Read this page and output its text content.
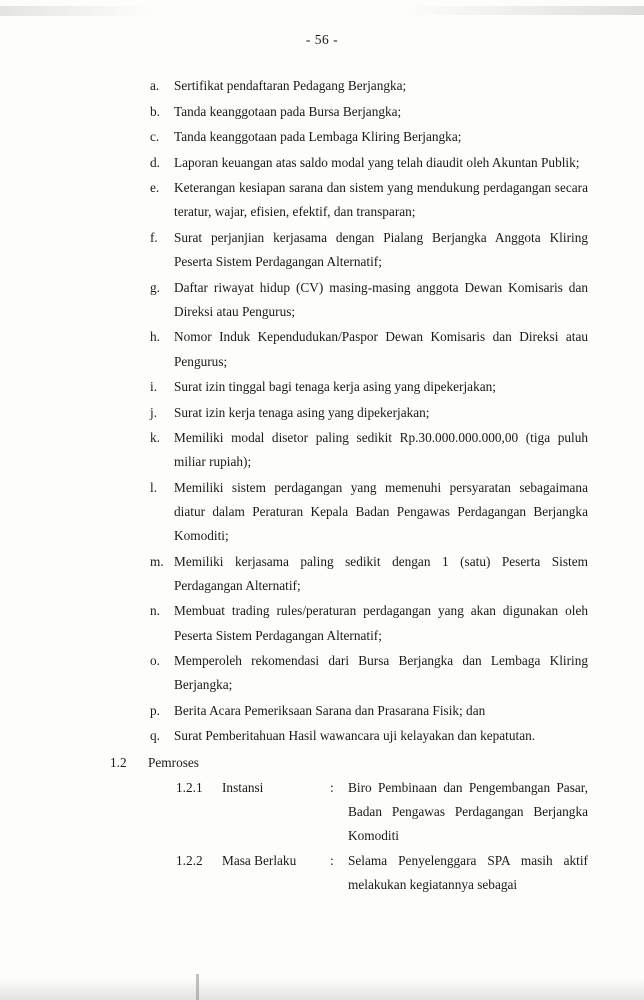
- 56 -
a.	Sertifikat pendaftaran Pedagang Berjangka;
b.	Tanda keanggotaan pada Bursa Berjangka;
c.	Tanda keanggotaan pada Lembaga Kliring Berjangka;
d.	Laporan keuangan atas saldo modal yang telah diaudit oleh Akuntan Publik;
e.	Keterangan kesiapan sarana dan sistem yang mendukung perdagangan secara teratur, wajar, efisien, efektif, dan transparan;
f.	Surat perjanjian kerjasama dengan Pialang Berjangka Anggota Kliring Peserta Sistem Perdagangan Alternatif;
g.	Daftar riwayat hidup (CV) masing-masing anggota Dewan Komisaris dan Direksi atau Pengurus;
h.	Nomor Induk Kependudukan/Paspor Dewan Komisaris dan Direksi atau Pengurus;
i.	Surat izin tinggal bagi tenaga kerja asing yang dipekerjakan;
j.	Surat izin kerja tenaga asing yang dipekerjakan;
k.	Memiliki modal disetor paling sedikit Rp.30.000.000.000,00 (tiga puluh miliar rupiah);
l.	Memiliki sistem perdagangan yang memenuhi persyaratan sebagaimana diatur dalam Peraturan Kepala Badan Pengawas Perdagangan Berjangka Komoditi;
m. Memiliki kerjasama paling sedikit dengan 1 (satu) Peserta Sistem Perdagangan Alternatif;
n.	Membuat trading rules/peraturan perdagangan yang akan digunakan oleh Peserta Sistem Perdagangan Alternatif;
o.	Memperoleh rekomendasi dari Bursa Berjangka dan Lembaga Kliring Berjangka;
p.	Berita Acara Pemeriksaan Sarana dan Prasarana Fisik; dan
q.	Surat Pemberitahuan Hasil wawancara uji kelayakan dan kepatutan.
1.2	Pemroses
1.2.1	Instansi	:	Biro Pembinaan dan Pengembangan Pasar, Badan Pengawas Perdagangan Berjangka Komoditi
1.2.2	Masa Berlaku	:	Selama Penyelenggara SPA masih aktif melakukan kegiatannya sebagai
